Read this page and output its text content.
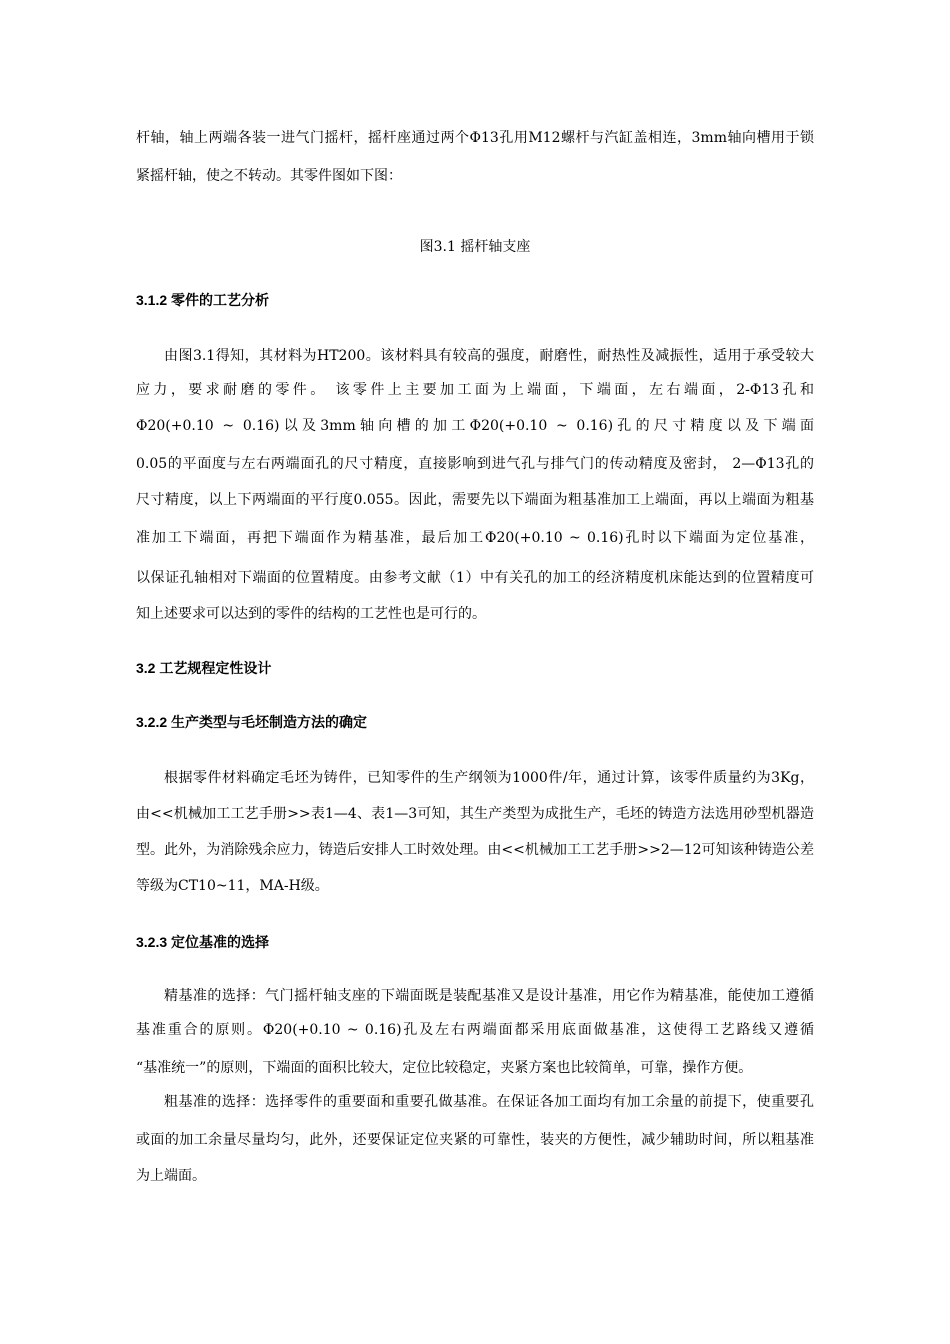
杆轴，轴上两端各装一进气门摇杆，摇杆座通过两个Φ13孔用M12螺杆与汽缸盖相连，3mm轴向槽用于锁
紧摇杆轴，使之不转动。其零件图如下图：
图3.1 摇杆轴支座
3.1.2 零件的工艺分析
由图3.1得知，其材料为HT200。该材料具有较高的强度，耐磨性，耐热性及减振性，适用于承受较大
应力，要求耐磨的零件。 该零件上主要加工面为上端面，下端面，左右端面，2-Φ13孔和
Φ20(+0.10 ~ 0.16)以及3mm轴向槽的加工Φ20(+0.10 ~ 0.16)孔的尺寸精度以及下端面
0.05的平面度与左右两端面孔的尺寸精度，直接影响到进气孔与排气门的传动精度及密封， 2—Φ13孔的
尺寸精度，以上下两端面的平行度0.055。因此，需要先以下端面为粗基准加工上端面，再以上端面为粗基
准加工下端面，再把下端面作为精基准，最后加工Φ20(+0.10 ~ 0.16)孔时以下端面为定位基准，
以保证孔轴相对下端面的位置精度。由参考文献（1）中有关孔的加工的经济精度机床能达到的位置精度可
知上述要求可以达到的零件的结构的工艺性也是可行的。
3.2 工艺规程定性设计
3.2.2 生产类型与毛坯制造方法的确定
根据零件材料确定毛坯为铸件，已知零件的生产纲领为1000件/年，通过计算，该零件质量约为3Kg，
由<<机械加工工艺手册>>表1—4、表1—3可知，其生产类型为成批生产，毛坯的铸造方法选用砂型机器造
型。此外，为消除残余应力，铸造后安排人工时效处理。由<<机械加工工艺手册>>2—12可知该种铸造公差
等级为CT10~11，MA-H级。
3.2.3 定位基准的选择
精基准的选择：气门摇杆轴支座的下端面既是装配基准又是设计基准，用它作为精基准，能使加工遵循
基准重合的原则。Φ20(+0.10 ~ 0.16)孔及左右两端面都采用底面做基准，这使得工艺路线又遵循
“基准统一”的原则，下端面的面积比较大，定位比较稳定，夹紧方案也比较简单，可靠，操作方便。
粗基准的选择：选择零件的重要面和重要孔做基准。在保证各加工面均有加工余量的前提下，使重要孔
或面的加工余量尽量均匀，此外，还要保证定位夹紧的可靠性，装夹的方便性，减少辅助时间，所以粗基准
为上端面。
